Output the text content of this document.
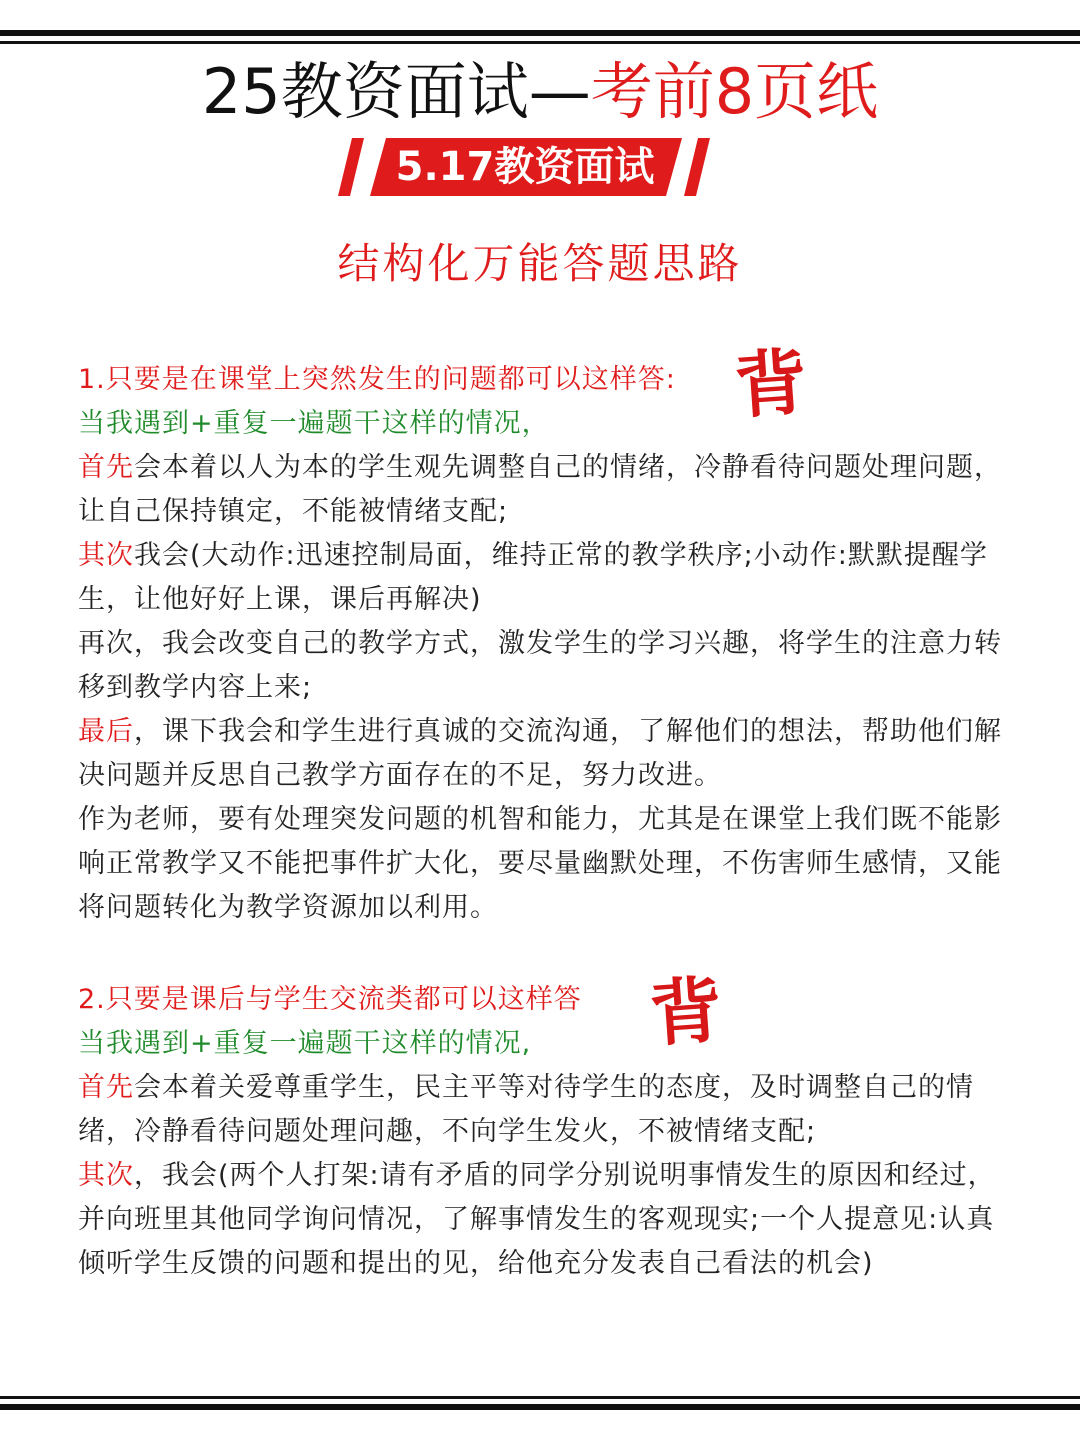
25教资面试—考前8页纸
5.17教资面试
结构化万能答题思路
背
1.只要是在课堂上突然发生的问题都可以这样答:
当我遇到+重复一遍题干这样的情况，
首先会本着以人为本的学生观先调整自己的情绪，冷静看待问题处理问题，让自己保持镇定，不能被情绪支配;
其次我会(大动作:迅速控制局面，维持正常的教学秩序;小动作:默默提醒学生，让他好好上课，课后再解决)
再次，我会改变自己的教学方式，激发学生的学习兴趣，将学生的注意力转移到教学内容上来;
最后，课下我会和学生进行真诚的交流沟通，了解他们的想法，帮助他们解决问题并反思自己教学方面存在的不足，努力改进。
作为老师，要有处理突发问题的机智和能力，尤其是在课堂上我们既不能影响正常教学又不能把事件扩大化，要尽量幽默处理，不伤害师生感情，又能将问题转化为教学资源加以利用。
背
2.只要是课后与学生交流类都可以这样答
当我遇到+重复一遍题干这样的情况,
首先会本着关爱尊重学生，民主平等对待学生的态度，及时调整自己的情绪，冷静看待问题处理问趣，不向学生发火，不被情绪支配;
其次，我会(两个人打架:请有矛盾的同学分别说明事情发生的原因和经过，并向班里其他同学询问情况，了解事情发生的客观现实;一个人提意见:认真倾听学生反馈的问题和提出的见，给他充分发表自己看法的机会)
